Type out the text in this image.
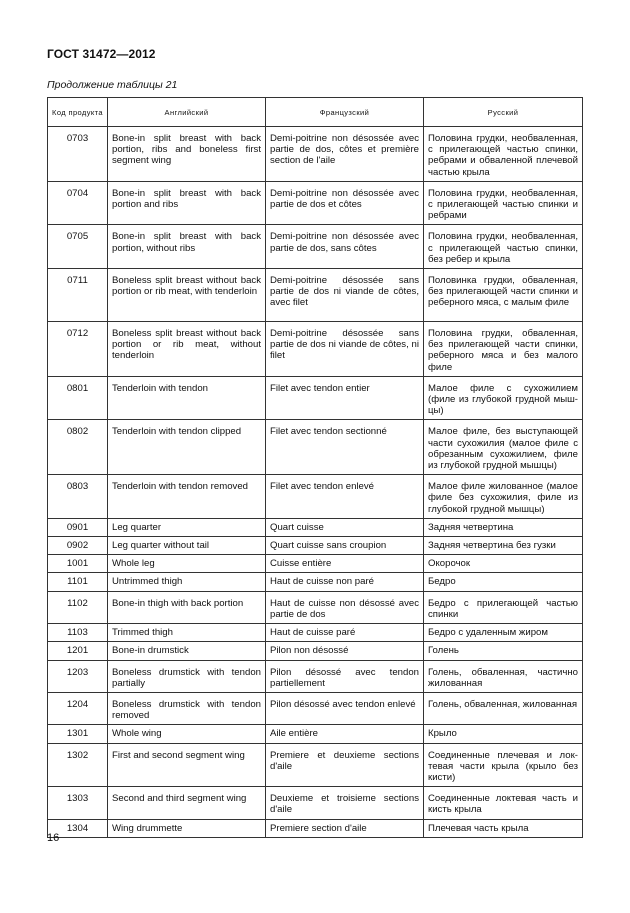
ГОСТ 31472—2012
Продолжение таблицы 21
Код продукта	Английский	Французский	Русский
0703	Bone-in split breast with back portion, ribs and boneless first segment wing	Demi-poitrine non désossée avec partie de dos, côtes et première section de l'aile	Половина грудки, необваленная, с прилегающей частью спинки, ребрами и обваленной плечевой частью крыла
0704	Bone-in split breast with back portion and ribs	Demi-poitrine non désossée avec partie de dos et côtes	Половина грудки, необваленная, с прилегающей частью спинки и ребрами
0705	Bone-in split breast with back portion, without ribs	Demi-poitrine non désossée avec partie de dos, sans côtes	Половина грудки, необваленная, с прилегающей частью спинки, без ребер и крыла
0711	Boneless split breast without back portion or rib meat, with tenderloin	Demi-poitrine désossée sans partie de dos ni viande de côtes, avec filet	Половинка грудки, обваленная, без прилегающей части спинки и реберного мяса, с малым филе
0712	Boneless split breast without back portion or rib meat, without tenderloin	Demi-poitrine désossée sans partie de dos ni viande de côtes, ni filet	Половина грудки, обваленная, без прилегающей части спинки, реберного мяса и без малого филе
0801	Tenderloin with tendon	Filet avec tendon entier	Малое филе с сухожилием (филе из глубокой грудной мышцы)
0802	Tenderloin with tendon clipped	Filet avec tendon sectionné	Малое филе, без выступающей части сухожилия (малое филе с обрезанным сухожилием, филе из глубокой грудной мышцы)
0803	Tenderloin with tendon removed	Filet avec tendon enlevé	Малое филе жилованное (малое филе без сухожилия, филе из глубокой грудной мышцы)
0901	Leg quarter	Quart cuisse	Задняя четвертина
0902	Leg quarter without tail	Quart cuisse sans croupion	Задняя четвертина без гузки
1001	Whole leg	Cuisse entière	Окорочок
1101	Untrimmed thigh	Haut de cuisse non paré	Бедро
1102	Bone-in thigh with back portion	Haut de cuisse non désossé avec partie de dos	Бедро с прилегающей частью спинки
1103	Trimmed thigh	Haut de cuisse paré	Бедро с удаленным жиром
1201	Bone-in drumstick	Pilon non désossé	Голень
1203	Boneless drumstick with tendon partially	Pilon désossé avec tendon partiellement	Голень, обваленная, частично жилованная
1204	Boneless drumstick with tendon removed	Pilon désossé avec tendon enlevé	Голень, обваленная, жилованная
1301	Whole wing	Aile entière	Крыло
1302	First and second segment wing	Premiere et deuxieme sections d'aile	Соединенные плечевая и локтевая части крыла (крыло без кисти)
1303	Second and third segment wing	Deuxieme et troisieme sections d'aile	Соединенные локтевая часть и кисть крыла
1304	Wing drummette	Premiere section d'aile	Плечевая часть крыла
16
